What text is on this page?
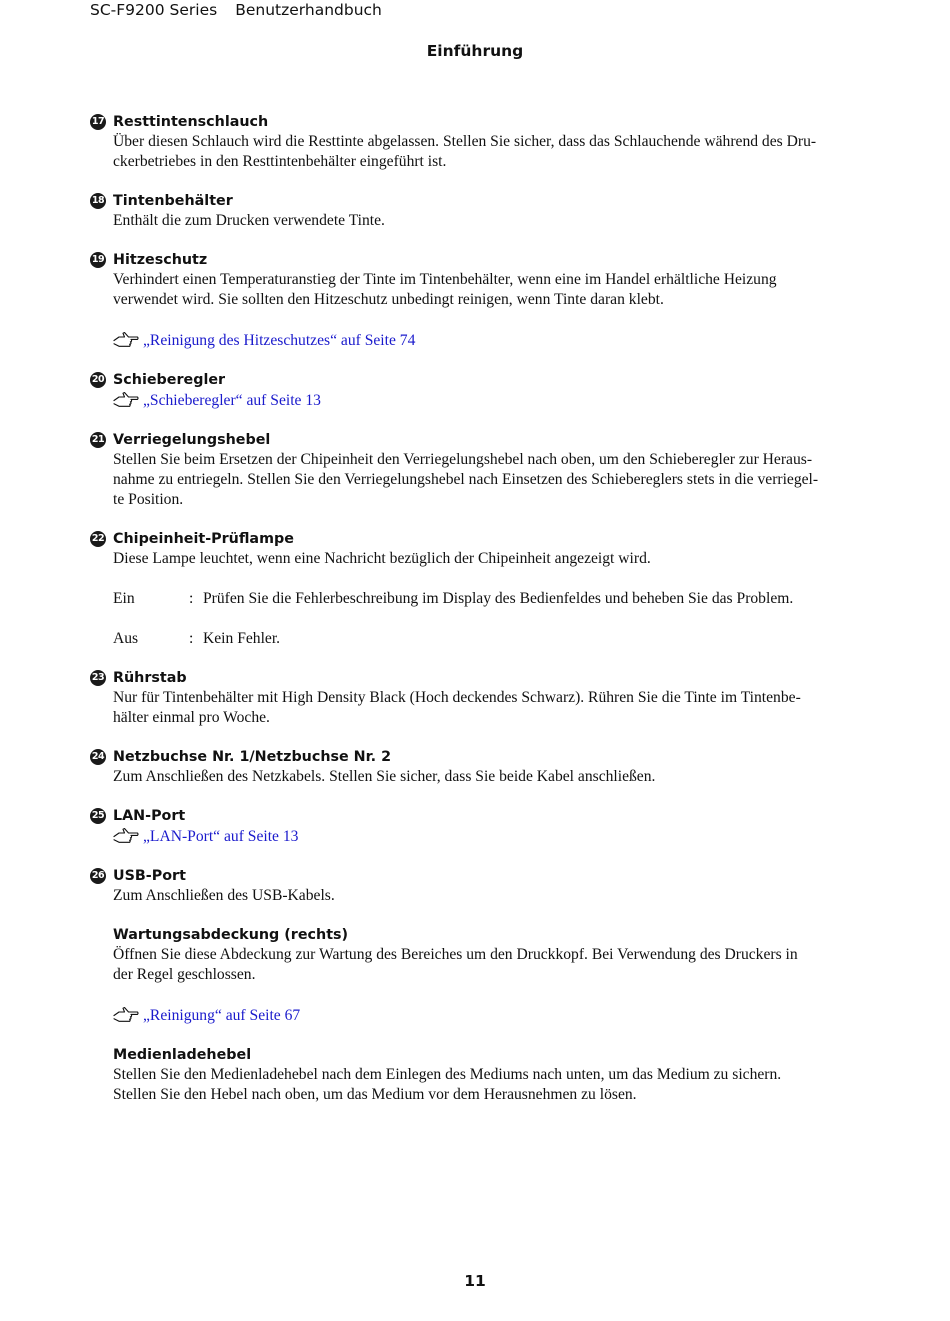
SC-F9200 Series Benutzerhandbuch
Einführung
17 Resttintenschlauch
Über diesen Schlauch wird die Resttinte abgelassen. Stellen Sie sicher, dass das Schlauchende während des Dru-
ckerbetriebes in den Resttintenbehälter eingeführt ist.
18 Tintenbehälter
Enthält die zum Drucken verwendete Tinte.
19 Hitzeschutz
Verhindert einen Temperaturanstieg der Tinte im Tintenbehälter, wenn eine im Handel erhältliche Heizung
verwendet wird. Sie sollten den Hitzeschutz unbedingt reinigen, wenn Tinte daran klebt.
„Reinigung des Hitzeschutzes“ auf Seite 74
20 Schieberegler
„Schieberegler“ auf Seite 13
21 Verriegelungshebel
Stellen Sie beim Ersetzen der Chipeinheit den Verriegelungshebel nach oben, um den Schieberegler zur Heraus-
nahme zu entriegeln. Stellen Sie den Verriegelungshebel nach Einsetzen des Schiebereglers stets in die verriegel-
te Position.
22 Chipeinheit-Prüflampe
Diese Lampe leuchtet, wenn eine Nachricht bezüglich der Chipeinheit angezeigt wird.
Ein	: Prüfen Sie die Fehlerbeschreibung im Display des Bedienfeldes und beheben Sie das Problem.
Aus	: Kein Fehler.
23 Rührstab
Nur für Tintenbehälter mit High Density Black (Hoch deckendes Schwarz). Rühren Sie die Tinte im Tintenbe-
hälter einmal pro Woche.
24 Netzbuchse Nr. 1/Netzbuchse Nr. 2
Zum Anschließen des Netzkabels. Stellen Sie sicher, dass Sie beide Kabel anschließen.
25 LAN-Port
„LAN-Port“ auf Seite 13
26 USB-Port
Zum Anschließen des USB-Kabels.
Wartungsabdeckung (rechts)
Öffnen Sie diese Abdeckung zur Wartung des Bereiches um den Druckkopf. Bei Verwendung des Druckers in
der Regel geschlossen.
„Reinigung“ auf Seite 67
Medienladehebel
Stellen Sie den Medienladehebel nach dem Einlegen des Mediums nach unten, um das Medium zu sichern.
Stellen Sie den Hebel nach oben, um das Medium vor dem Herausnehmen zu lösen.
11
